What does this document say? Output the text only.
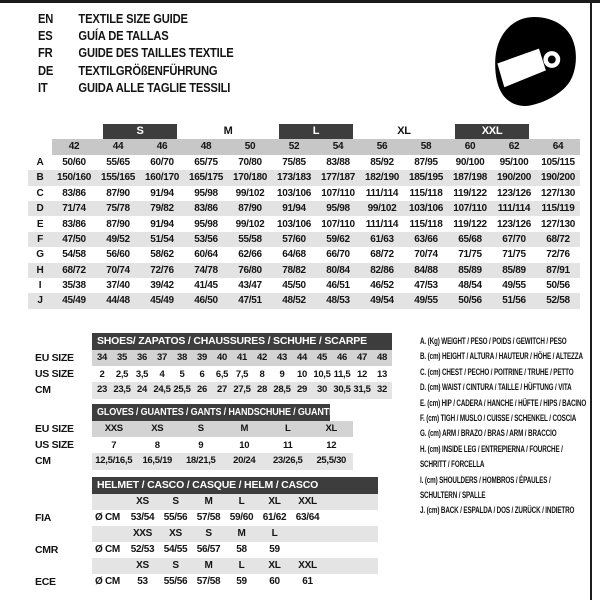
EN	TEXTILE SIZE GUIDE
ES	GUÍA DE TALLAS
FR	GUIDE DES TAILLES TEXTILE
DE	TEXTILGRÖßENFÜHRUNG
IT	GUIDA ALLE TAGLIE TESSILI
S	M	L	XL	XXL
42	44	46	48	50	52	54	56	58	60	62	64
A	50/60	55/65	60/70	65/75	70/80	75/85	83/88	85/92	87/95	90/100	95/100	105/115
B	150/160 155/165 160/170 165/175 170/180 173/183 177/187 182/190 185/195 187/198 190/200 190/200
C	83/86	87/90	91/94	95/98	99/102	103/106	107/110	111/114	115/118	119/122	123/126 127/130
D	71/74	75/78	79/82	83/86	87/90	91/94	95/98	99/102	103/106	107/110	111/114	115/119
E	83/86	87/90	91/94	95/98	99/102	103/106	107/110	111/114	115/118	119/122	123/126 127/130
F	47/50	49/52	51/54	53/56	55/58	57/60	59/62	61/63	63/66	65/68	67/70	68/72
G	54/58	56/60	58/62	60/64	62/66	64/68	66/70	68/72	70/74	71/75	71/75	72/76
H	68/72	70/74	72/76	74/78	76/80	78/82	80/84	82/86	84/88	85/89	85/89	87/91
I	35/38	37/40	39/42	41/45	43/47	45/50	46/51	46/52	47/53	48/54	49/55	50/56
J	45/49	44/48	45/49	46/50	47/51	48/52	48/53	49/54	49/55	50/56	51/56	52/58
SHOES/ ZAPATOS / CHAUSSURES / SCHUHE / SCARPE
EU SIZE	34	35	36	37	38	39	40	41	42	43	44	45	46	47	48
US SIZE	2	2,5 3,5	4	5	6	6,5 7,5	8	9	10 10,5 11,5 12	13
CM	23 23,5 24 24,5 25,5 26	27 27,5 28 28,5 29	30 30,5 31,5 32
GLOVES / GUANTES / GANTS / HANDSCHUHE / GUANTI
EU SIZE	XXS	XS	S	M	L	XL
US SIZE	7	8	9	10	11	12
CM	12,5/16,5	16,5/19	18/21,5	20/24	23/26,5	25,5/30
HELMET / CASCO / CASQUE / HELM / CASCO
XS	S	M	L	XL	XXL
FIA	Ø CM	53/54 55/56 57/58 59/60 61/62 63/64
XXS	XS	S	M	L
CMR	Ø CM	52/53 54/55 56/57	58	59
XS	S	M	L	XL	XXL
ECE	Ø CM	53	55/56 57/58	59	60	61
A. (Kg) WEIGHT / PESO / POIDS / GEWITCH / PESO
B. (cm) HEIGHT / ALTURA / HAUTEUR / HÖHE / ALTEZZA
C. (cm) CHEST / PECHO / POITRINE / TRUHE / PETTO
D. (cm) WAIST / CINTURA / TAILLE / HÜFTUNG / VITA
E. (cm) HIP / CADERA / HANCHE / HÜFTE / HIPS / BACINO
F. (cm) TIGH / MUSLO / CUISSE / SCHENKEL / COSCIA
G. (cm) ARM / BRAZO / BRAS / ARM / BRACCIO
H. (cm) INSIDE LEG / ENTREPIERNA / FOURCHE /
SCHRITT / FORCELLA
I. (cm) SHOULDERS / HOMBROS / ÉPAULES /
SCHULTERN / SPALLE
J. (cm) BACK / ESPALDA / DOS / ZURÜCK / INDIETRO
